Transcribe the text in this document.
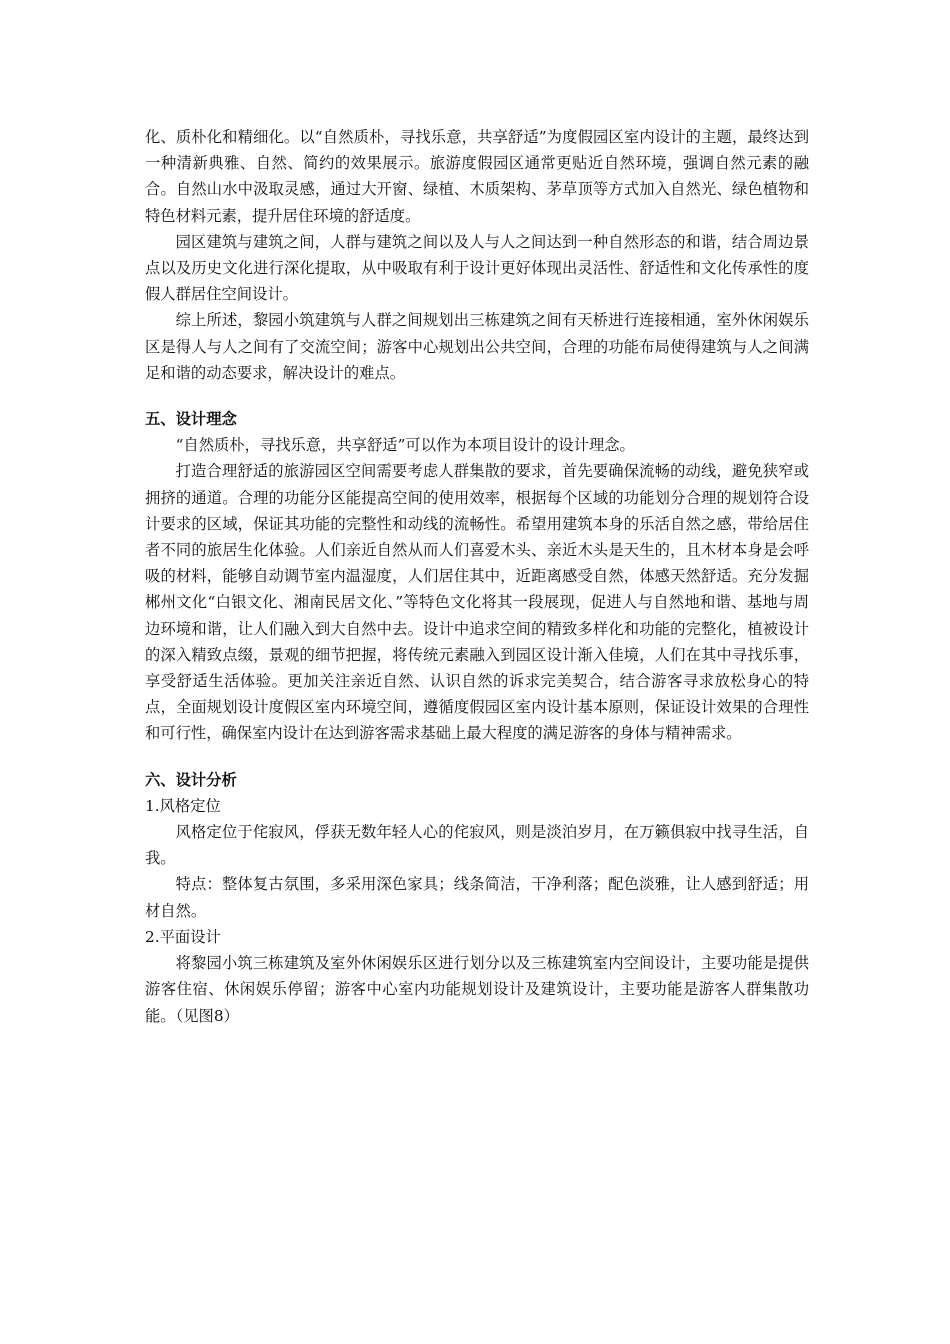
化、质朴化和精细化。以“自然质朴，寻找乐意，共享舒适”为度假园区室内设计的主题，最终达到一种清新典雅、自然、简约的效果展示。旅游度假园区通常更贴近自然环境，强调自然元素的融合。自然山水中汲取灵感，通过大开窗、绿植、木质架构、茅草顶等方式加入自然光、绿色植物和特色材料元素，提升居住环境的舒适度。

园区建筑与建筑之间，人群与建筑之间以及人与人之间达到一种自然形态的和谐，结合周边景点以及历史文化进行深化提取，从中吸取有利于设计更好体现出灵活性、舒适性和文化传承性的度假人群居住空间设计。

综上所述，黎园小筑建筑与人群之间规划出三栋建筑之间有天桥进行连接相通，室外休闲娱乐区是得人与人之间有了交流空间；游客中心规划出公共空间，合理的功能布局使得建筑与人之间满足和谐的动态要求，解决设计的难点。

五、设计理念

“自然质朴，寻找乐意，共享舒适”可以作为本项目设计的设计理念。

打造合理舒适的旅游园区空间需要考虑人群集散的要求，首先要确保流畅的动线，避免狭窄或拥挤的通道。合理的功能分区能提高空间的使用效率，根据每个区域的功能划分合理的规划符合设计要求的区域，保证其功能的完整性和动线的流畅性。希望用建筑本身的乐活自然之感，带给居住者不同的旅居生化体验。人们亲近自然从而人们喜爱木头、亲近木头是天生的，且木材本身是会呼吸的材料，能够自动调节室内温湿度，人们居住其中，近距离感受自然，体感天然舒适。充分发掘郴州文化“白银文化、湘南民居文化、”等特色文化将其一段展现，促进人与自然地和谐、基地与周边环境和谐，让人们融入到大自然中去。设计中追求空间的精致多样化和功能的完整化，植被设计的深入精致点缀，景观的细节把握，将传统元素融入到园区设计渐入佳境，人们在其中寻找乐事，享受舒适生活体验。更加关注亲近自然、认识自然的诉求完美契合，结合游客寻求放松身心的特点，全面规划设计度假区室内环境空间，遵循度假园区室内设计基本原则，保证设计效果的合理性和可行性，确保室内设计在达到游客需求基础上最大程度的满足游客的身体与精神需求。

六、设计分析

1.风格定位

风格定位于侘寂风，俘获无数年轻人心的侘寂风，则是淡泊岁月，在万籁俱寂中找寻生活，自我。

特点：整体复古氛围，多采用深色家具；线条简洁，干净利落；配色淡雅，让人感到舒适；用材自然。

2.平面设计

将黎园小筑三栋建筑及室外休闲娱乐区进行划分以及三栋建筑室内空间设计，主要功能是提供游客住宿、休闲娱乐停留；游客中心室内功能规划设计及建筑设计，主要功能是游客人群集散功能。（见图8）
